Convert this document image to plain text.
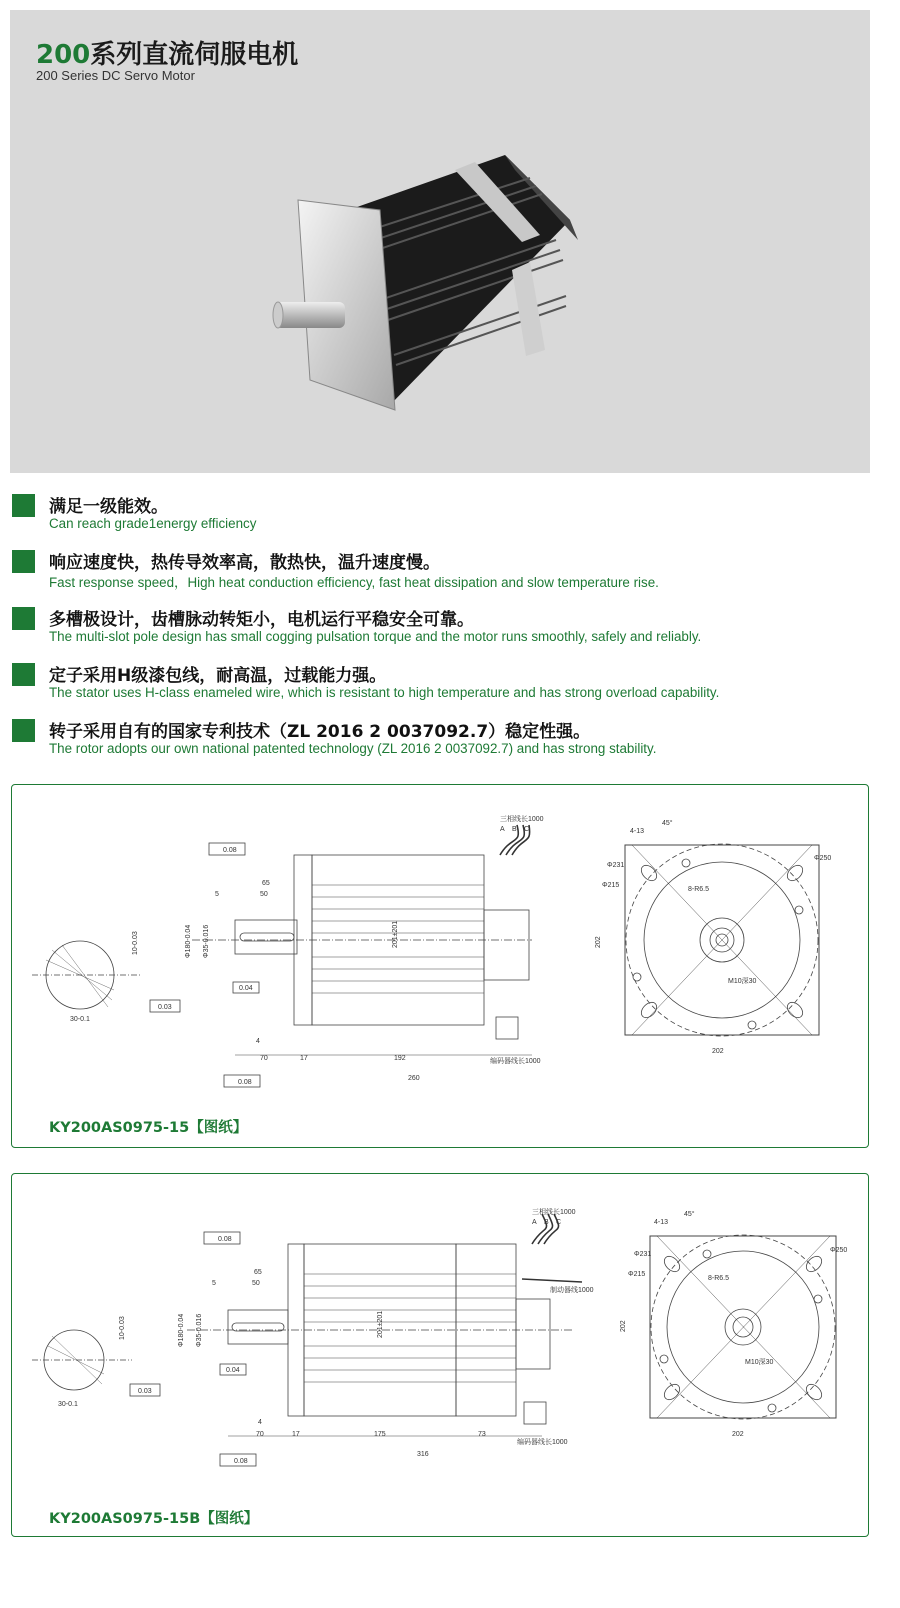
200系列直流伺服电机
200 Series DC Servo Motor
满足一级能效。
Can reach grade1energy efficiency
响应速度快，热传导效率高，散热快，温升速度慢。
Fast response speed，High heat conduction efficiency, fast heat dissipation and slow temperature rise.
多槽极设计，齿槽脉动转矩小，电机运行平稳安全可靠。
The multi-slot pole design has small cogging pulsation torque and the motor runs smoothly, safely and reliably.
定子采用H级漆包线，耐高温，过载能力强。
The stator uses H-class enameled wire, which is resistant to high temperature and has strong overload capability.
转子采用自有的国家专利技术（ZL 2016 2 0037092.7）稳定性强。
The rotor adopts our own national patented technology (ZL 2016 2 0037092.7) and has strong stability.
30-0.1
10-0.03
0.03
0.08
三相线长1000
A B C
编码器线长1000
201±201
Φ180-0.04 Φ35-0.016
65
50
5
0.04
4
70	17	192
260
0.08
Φ231
Φ215
Φ250
8-R6.5
M10深30
202
202
45°
4-13
KY200AS0975-15【图纸】
30-0.1
10-0.03
0.03
0.08
三相线长1000
A B C
制动器线1000
编码器线长1000
201±201
Φ180-0.04 Φ35-0.016
65
50
5
0.04
4
70	17	175	73
316
0.08
Φ231
Φ215
Φ250
8-R6.5
M10深30
202
202
45°
4-13
KY200AS0975-15B【图纸】
